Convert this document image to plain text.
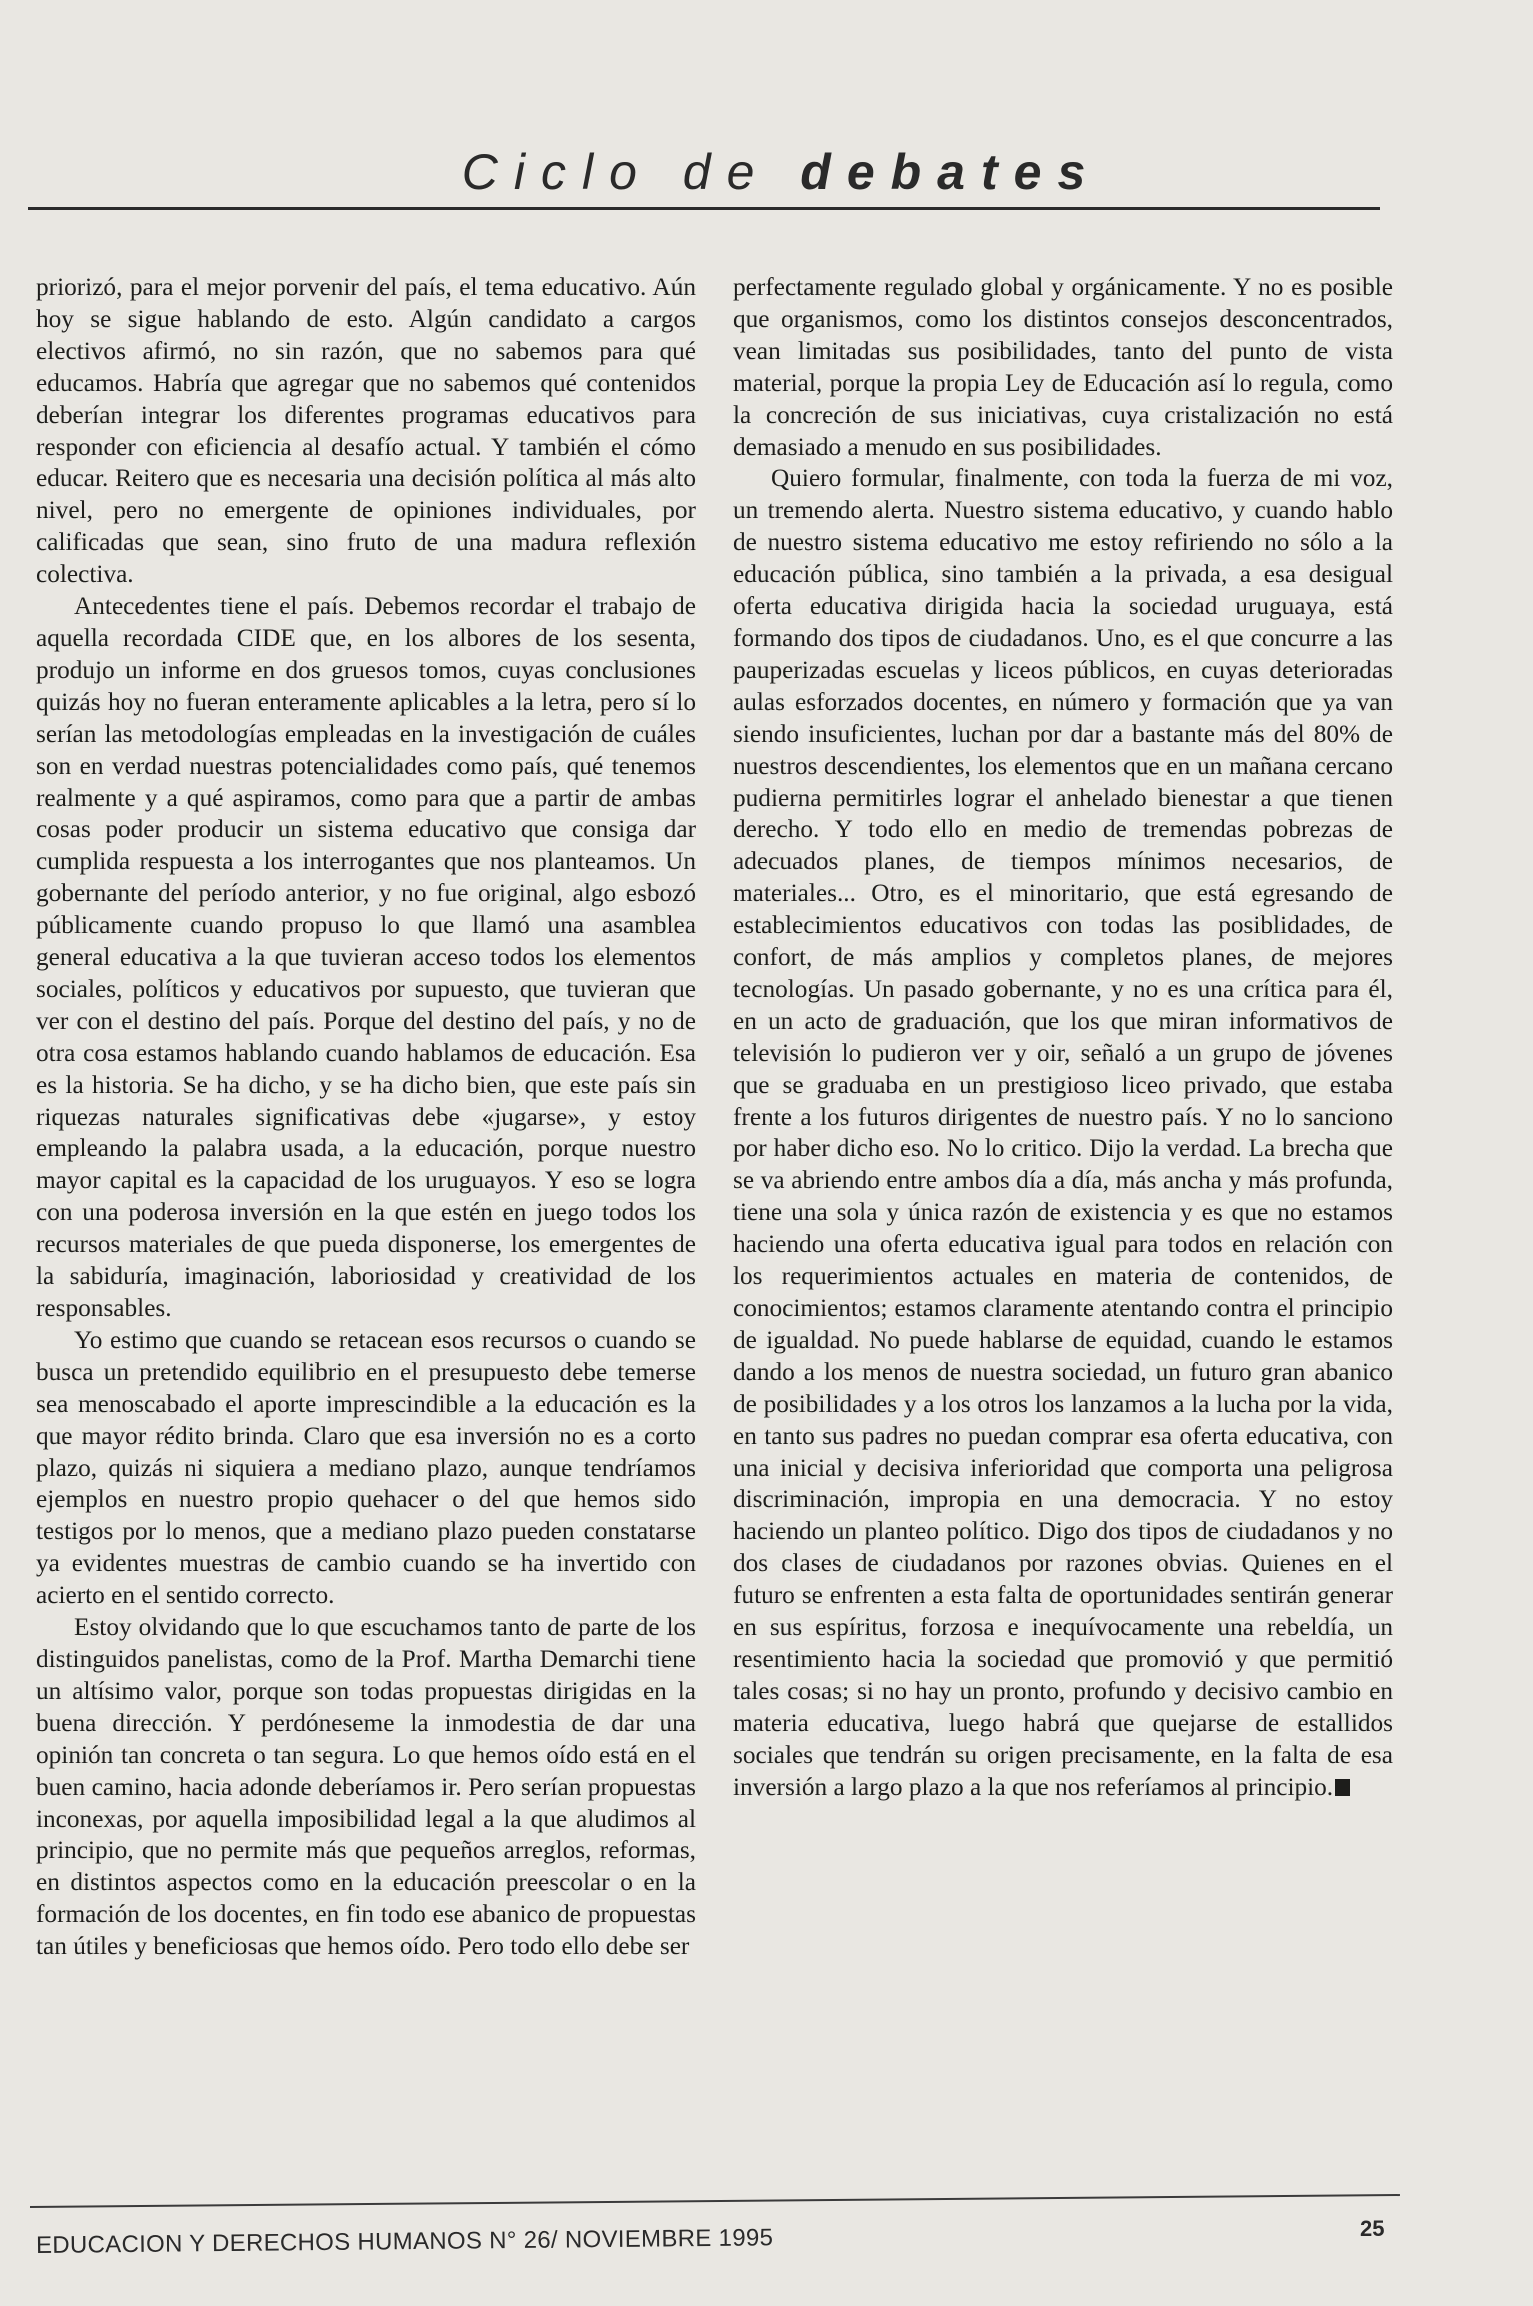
Ciclo de debates

priorizó, para el mejor porvenir del país, el tema educativo. Aún hoy se sigue hablando de esto. Algún candidato a cargos electivos afirmó, no sin razón, que no sabemos para qué educamos. Habría que agregar que no sabemos qué contenidos deberían integrar los diferentes programas educativos para responder con eficiencia al desafío actual. Y también el cómo educar. Reitero que es necesaria una decisión política al más alto nivel, pero no emergente de opiniones individuales, por calificadas que sean, sino fruto de una madura reflexión colectiva.

Antecedentes tiene el país. Debemos recordar el trabajo de aquella recordada CIDE que, en los albores de los sesenta, produjo un informe en dos gruesos tomos, cuyas conclusiones quizás hoy no fueran enteramente aplicables a la letra, pero sí lo serían las metodologías empleadas en la investigación de cuáles son en verdad nuestras potencialidades como país, qué tenemos realmente y a qué aspiramos, como para que a partir de ambas cosas poder producir un sistema educativo que consiga dar cumplida respuesta a los interrogantes que nos planteamos. Un gobernante del período anterior, y no fue original, algo esbozó públicamente cuando propuso lo que llamó una asamblea general educativa a la que tuvieran acceso todos los elementos sociales, políticos y educativos por supuesto, que tuvieran que ver con el destino del país. Porque del destino del país, y no de otra cosa estamos hablando cuando hablamos de educación. Esa es la historia. Se ha dicho, y se ha dicho bien, que este país sin riquezas naturales significativas debe «jugarse», y estoy empleando la palabra usada, a la educación, porque nuestro mayor capital es la capacidad de los uruguayos. Y eso se logra con una poderosa inversión en la que estén en juego todos los recursos materiales de que pueda disponerse, los emergentes de la sabiduría, imaginación, laboriosidad y creatividad de los responsables.

Yo estimo que cuando se retacean esos recursos o cuando se busca un pretendido equilibrio en el presupuesto debe temerse sea menoscabado el aporte imprescindible a la educación es la que mayor rédito brinda. Claro que esa inversión no es a corto plazo, quizás ni siquiera a mediano plazo, aunque tendríamos ejemplos en nuestro propio quehacer o del que hemos sido testigos por lo menos, que a mediano plazo pueden constatarse ya evidentes muestras de cambio cuando se ha invertido con acierto en el sentido correcto.

Estoy olvidando que lo que escuchamos tanto de parte de los distinguidos panelistas, como de la Prof. Martha Demarchi tiene un altísimo valor, porque son todas propuestas dirigidas en la buena dirección. Y perdóneseme la inmodestia de dar una opinión tan concreta o tan segura. Lo que hemos oído está en el buen camino, hacia adonde deberíamos ir. Pero serían propuestas inconexas, por aquella imposibilidad legal a la que aludimos al principio, que no permite más que pequeños arreglos, reformas, en distintos aspectos como en la educación preescolar o en la formación de los docentes, en fin todo ese abanico de propuestas tan útiles y beneficiosas que hemos oído. Pero todo ello debe ser

perfectamente regulado global y orgánicamente. Y no es posible que organismos, como los distintos consejos desconcentrados, vean limitadas sus posibilidades, tanto del punto de vista material, porque la propia Ley de Educación así lo regula, como la concreción de sus iniciativas, cuya cristalización no está demasiado a menudo en sus posibilidades.

Quiero formular, finalmente, con toda la fuerza de mi voz, un tremendo alerta. Nuestro sistema educativo, y cuando hablo de nuestro sistema educativo me estoy refiriendo no sólo a la educación pública, sino también a la privada, a esa desigual oferta educativa dirigida hacia la sociedad uruguaya, está formando dos tipos de ciudadanos. Uno, es el que concurre a las pauperizadas escuelas y liceos públicos, en cuyas deterioradas aulas esforzados docentes, en número y formación que ya van siendo insuficientes, luchan por dar a bastante más del 80% de nuestros descendientes, los elementos que en un mañana cercano pudierna permitirles lograr el anhelado bienestar a que tienen derecho. Y todo ello en medio de tremendas pobrezas de adecuados planes, de tiempos mínimos necesarios, de materiales... Otro, es el minoritario, que está egresando de establecimientos educativos con todas las posiblidades, de confort, de más amplios y completos planes, de mejores tecnologías. Un pasado gobernante, y no es una crítica para él, en un acto de graduación, que los que miran informativos de televisión lo pudieron ver y oir, señaló a un grupo de jóvenes que se graduaba en un prestigioso liceo privado, que estaba frente a los futuros dirigentes de nuestro país. Y no lo sanciono por haber dicho eso. No lo critico. Dijo la verdad. La brecha que se va abriendo entre ambos día a día, más ancha y más profunda, tiene una sola y única razón de existencia y es que no estamos haciendo una oferta educativa igual para todos en relación con los requerimientos actuales en materia de contenidos, de conocimientos; estamos claramente atentando contra el principio de igualdad. No puede hablarse de equidad, cuando le estamos dando a los menos de nuestra sociedad, un futuro gran abanico de posibilidades y a los otros los lanzamos a la lucha por la vida, en tanto sus padres no puedan comprar esa oferta educativa, con una inicial y decisiva inferioridad que comporta una peligrosa discriminación, impropia en una democracia. Y no estoy haciendo un planteo político. Digo dos tipos de ciudadanos y no dos clases de ciudadanos por razones obvias. Quienes en el futuro se enfrenten a esta falta de oportunidades sentirán generar en sus espíritus, forzosa e inequívocamente una rebeldía, un resentimiento hacia la sociedad que promovió y que permitió tales cosas; si no hay un pronto, profundo y decisivo cambio en materia educativa, luego habrá que quejarse de estallidos sociales que tendrán su origen precisamente, en la falta de esa inversión a largo plazo a la que nos referíamos al principio.

EDUCACION Y DERECHOS HUMANOS N° 26/ NOVIEMBRE 1995	25
